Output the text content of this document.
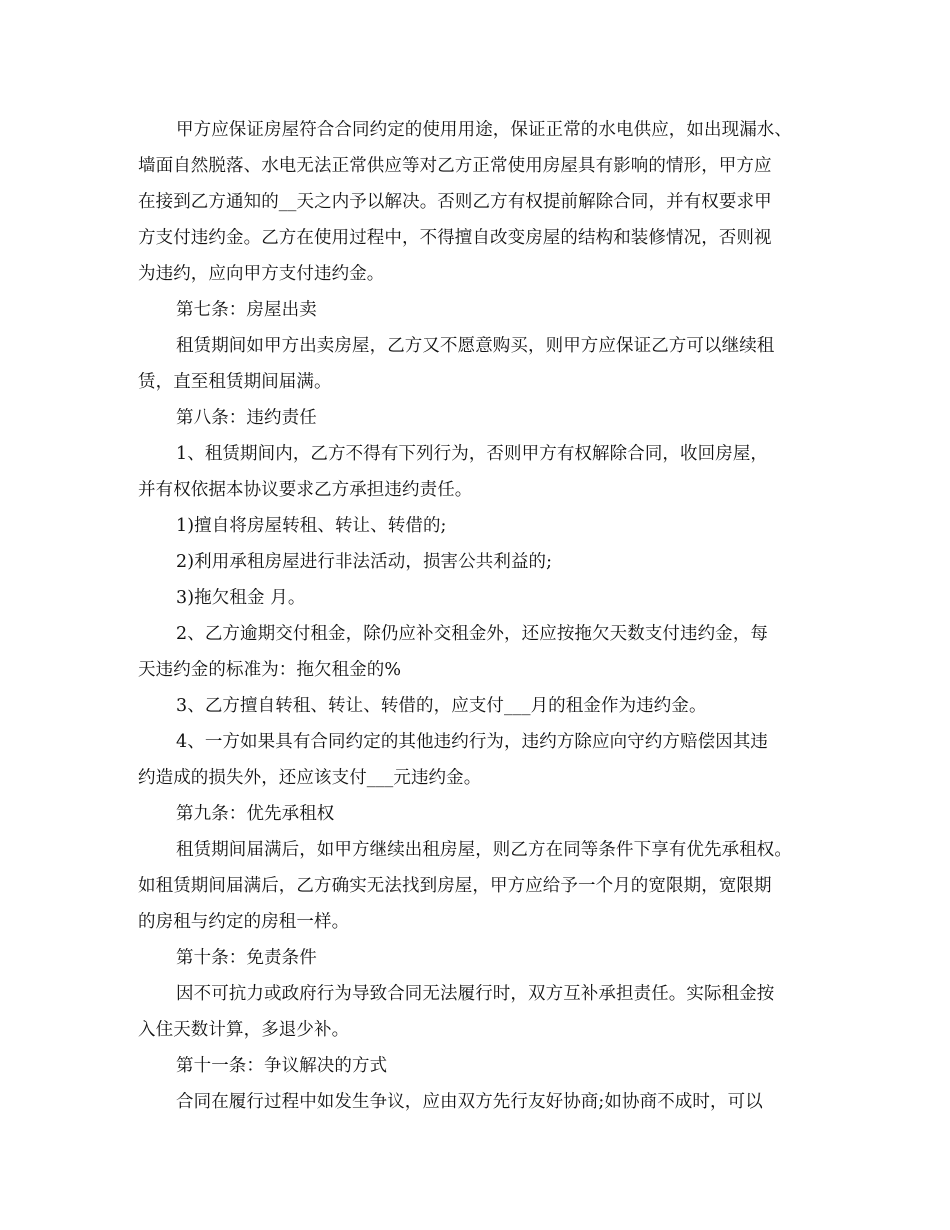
甲方应保证房屋符合合同约定的使用用途，保证正常的水电供应，如出现漏水、
墙面自然脱落、水电无法正常供应等对乙方正常使用房屋具有影响的情形，甲方应
在接到乙方通知的__天之内予以解决。否则乙方有权提前解除合同，并有权要求甲
方支付违约金。乙方在使用过程中，不得擅自改变房屋的结构和装修情况，否则视
为违约，应向甲方支付违约金。
第七条：房屋出卖
租赁期间如甲方出卖房屋，乙方又不愿意购买，则甲方应保证乙方可以继续租
赁，直至租赁期间届满。
第八条：违约责任
1、租赁期间内，乙方不得有下列行为，否则甲方有权解除合同，收回房屋，
并有权依据本协议要求乙方承担违约责任。
1)擅自将房屋转租、转让、转借的;
2)利用承租房屋进行非法活动，损害公共利益的;
3)拖欠租金 月。
2、乙方逾期交付租金，除仍应补交租金外，还应按拖欠天数支付违约金，每
天违约金的标准为：拖欠租金的%
3、乙方擅自转租、转让、转借的，应支付___月的租金作为违约金。
4、一方如果具有合同约定的其他违约行为，违约方除应向守约方赔偿因其违
约造成的损失外，还应该支付___元违约金。
第九条：优先承租权
租赁期间届满后，如甲方继续出租房屋，则乙方在同等条件下享有优先承租权。
如租赁期间届满后，乙方确实无法找到房屋，甲方应给予一个月的宽限期，宽限期
的房租与约定的房租一样。
第十条：免责条件
因不可抗力或政府行为导致合同无法履行时，双方互补承担责任。实际租金按
入住天数计算，多退少补。
第十一条：争议解决的方式
合同在履行过程中如发生争议，应由双方先行友好协商;如协商不成时，可以
